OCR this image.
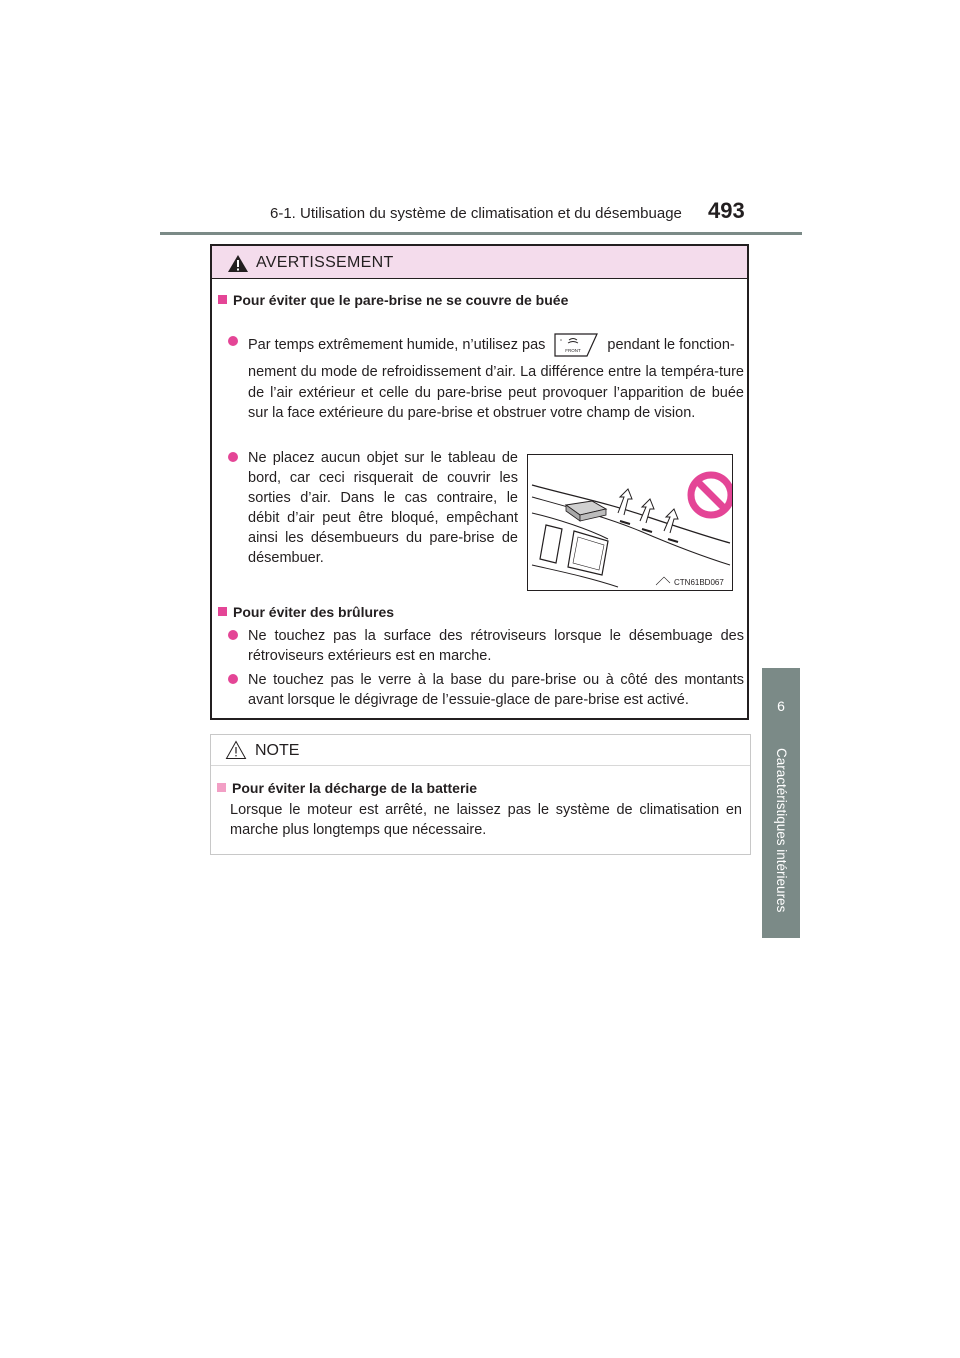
6-1. Utilisation du système de climatisation et du désembuage 493
6
Caractéristiques intérieures
AVERTISSEMENT
Pour éviter que le pare-brise ne se couvre de buée
Par temps extrêmement humide, n’utilisez pas	FRONT
°	pendant le fonction-
nement du mode de refroidissement d’air. La différence entre la tempéra-ture de l’air extérieur et celle du pare-brise peut provoquer l’apparition de buée sur la face extérieure du pare-brise et obstruer votre champ de vision.
Ne placez aucun objet sur le tableau de bord, car ceci risquerait de couvrir les sorties d’air. Dans le cas contraire, le débit d’air peut être bloqué, empêchant ainsi les désembueurs du pare-brise de désembuer.
CTN61BD067
Pour éviter des brûlures
Ne touchez pas la surface des rétroviseurs lorsque le désembuage des rétroviseurs extérieurs est en marche.
Ne touchez pas le verre à la base du pare-brise ou à côté des montants avant lorsque le dégivrage de l’essuie-glace de pare-brise est activé.
NOTE
Pour éviter la décharge de la batterie
Lorsque le moteur est arrêté, ne laissez pas le système de climatisation en marche plus longtemps que nécessaire.
